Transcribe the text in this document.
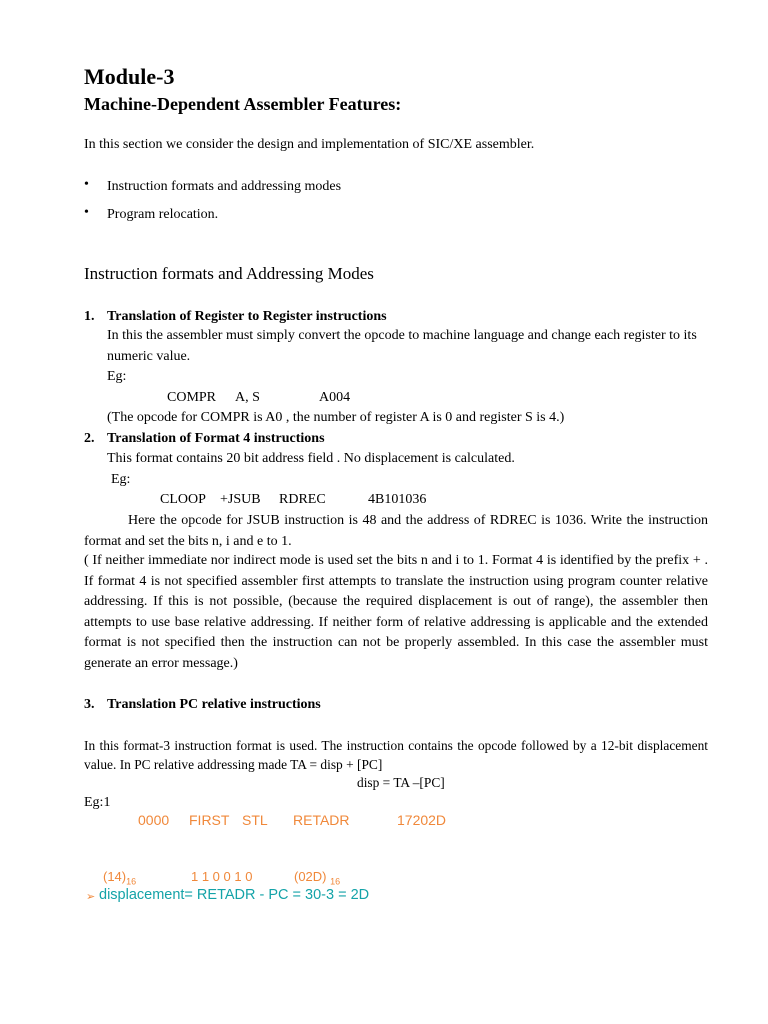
Module-3
Machine-Dependent Assembler Features:
In this section we consider the design and implementation of SIC/XE assembler.
• Instruction formats and addressing modes
• Program relocation.
Instruction formats and Addressing Modes
1. Translation of Register to Register instructions
In this the assembler must simply convert the opcode to machine language and change each register to its numeric value.
Eg:
COMPR A, S	A004
(The opcode for COMPR is A0 , the number of register A is 0 and register S is 4.)
2. Translation of Format 4 instructions
This format contains 20 bit address field . No displacement is calculated.
Eg:
CLOOP +JSUB RDREC	4B101036
Here the opcode for JSUB instruction is 48 and the address of RDREC is 1036. Write the instruction format and set the bits n, i and e to 1.
( If neither immediate nor indirect mode is used set the bits n and i to 1. Format 4 is identified by the prefix + . If format 4 is not specified assembler first attempts to translate the instruction using program counter relative addressing. If this is not possible, (because the required displacement is out of range), the assembler then attempts to use base relative addressing. If neither form of relative addressing is applicable and the extended format is not specified then the instruction can not be properly assembled. In this case the assembler must generate an error message.)
3. Translation PC relative instructions
In this format-3 instruction format is used. The instruction contains the opcode followed by a 12-bit displacement value. In PC relative addressing made TA = disp + [PC]
disp = TA –[PC]
Eg:1
0000 FIRST STL RETADR	17202D
$(14)_{16}$	1 1 0 0 1 0	(02D) $_{16}$
➢ displacement= RETADR - PC = 30-3 = 2D
